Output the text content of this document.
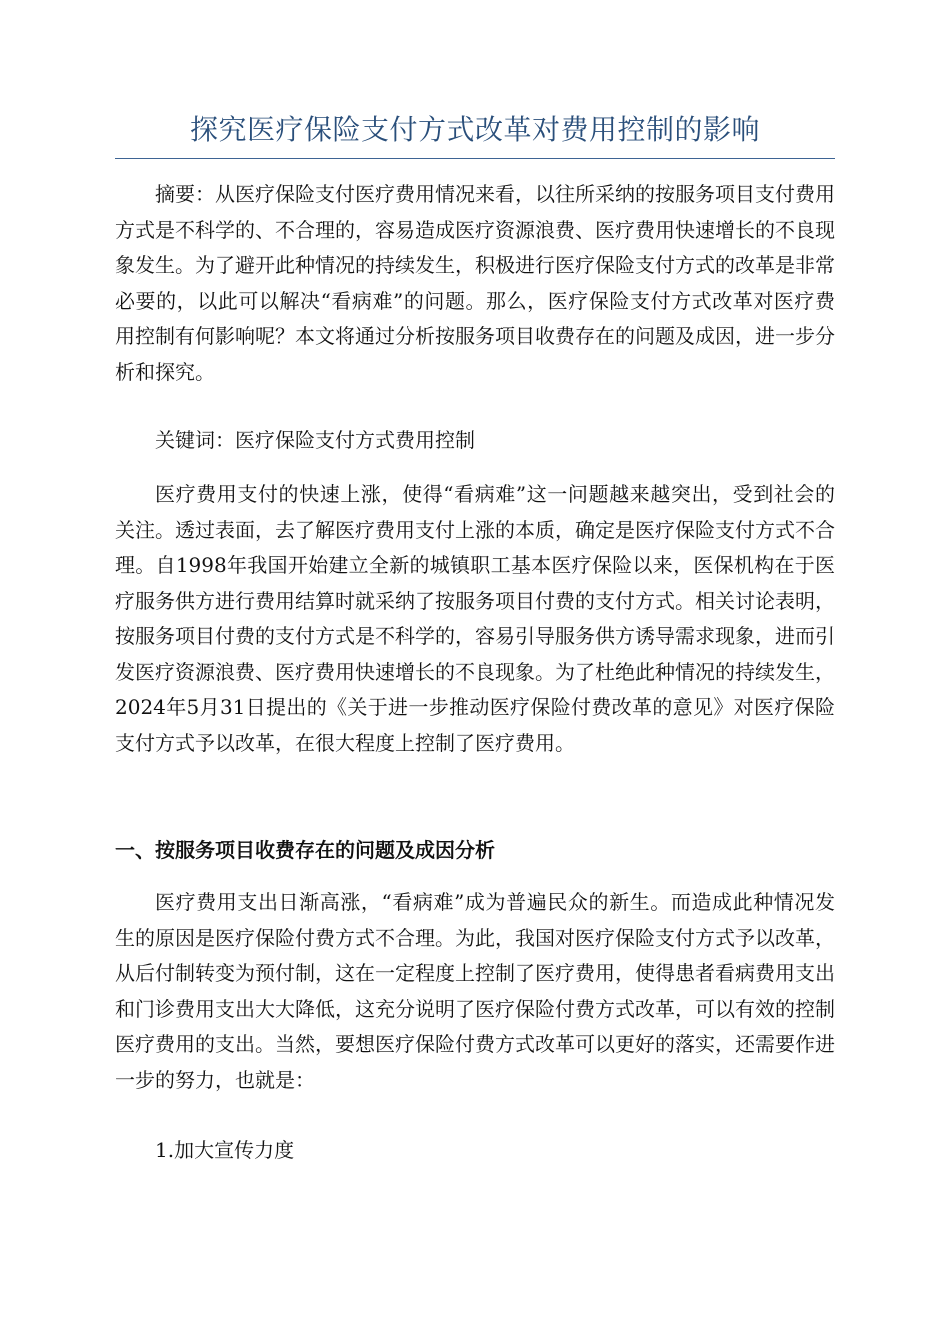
探究医疗保险支付方式改革对费用控制的影响

摘要：从医疗保险支付医疗费用情况来看，以往所采纳的按服务项目支付费用方式是不科学的、不合理的，容易造成医疗资源浪费、医疗费用快速增长的不良现象发生。为了避开此种情况的持续发生，积极进行医疗保险支付方式的改革是非常必要的，以此可以解决“看病难”的问题。那么，医疗保险支付方式改革对医疗费用控制有何影响呢？本文将通过分析按服务项目收费存在的问题及成因，进一步分析和探究。

关键词：医疗保险支付方式费用控制

医疗费用支付的快速上涨，使得“看病难”这一问题越来越突出，受到社会的关注。透过表面，去了解医疗费用支付上涨的本质，确定是医疗保险支付方式不合理。自1998年我国开始建立全新的城镇职工基本医疗保险以来，医保机构在于医疗服务供方进行费用结算时就采纳了按服务项目付费的支付方式。相关讨论表明，按服务项目付费的支付方式是不科学的，容易引导服务供方诱导需求现象，进而引发医疗资源浪费、医疗费用快速增长的不良现象。为了杜绝此种情况的持续发生，2024年5月31日提出的《关于进一步推动医疗保险付费改革的意见》对医疗保险支付方式予以改革，在很大程度上控制了医疗费用。

一、按服务项目收费存在的问题及成因分析

医疗费用支出日渐高涨，“看病难”成为普遍民众的新生。而造成此种情况发生的原因是医疗保险付费方式不合理。为此，我国对医疗保险支付方式予以改革，从后付制转变为预付制，这在一定程度上控制了医疗费用，使得患者看病费用支出和门诊费用支出大大降低，这充分说明了医疗保险付费方式改革，可以有效的控制医疗费用的支出。当然，要想医疗保险付费方式改革可以更好的落实，还需要作进一步的努力，也就是：

1.加大宣传力度
